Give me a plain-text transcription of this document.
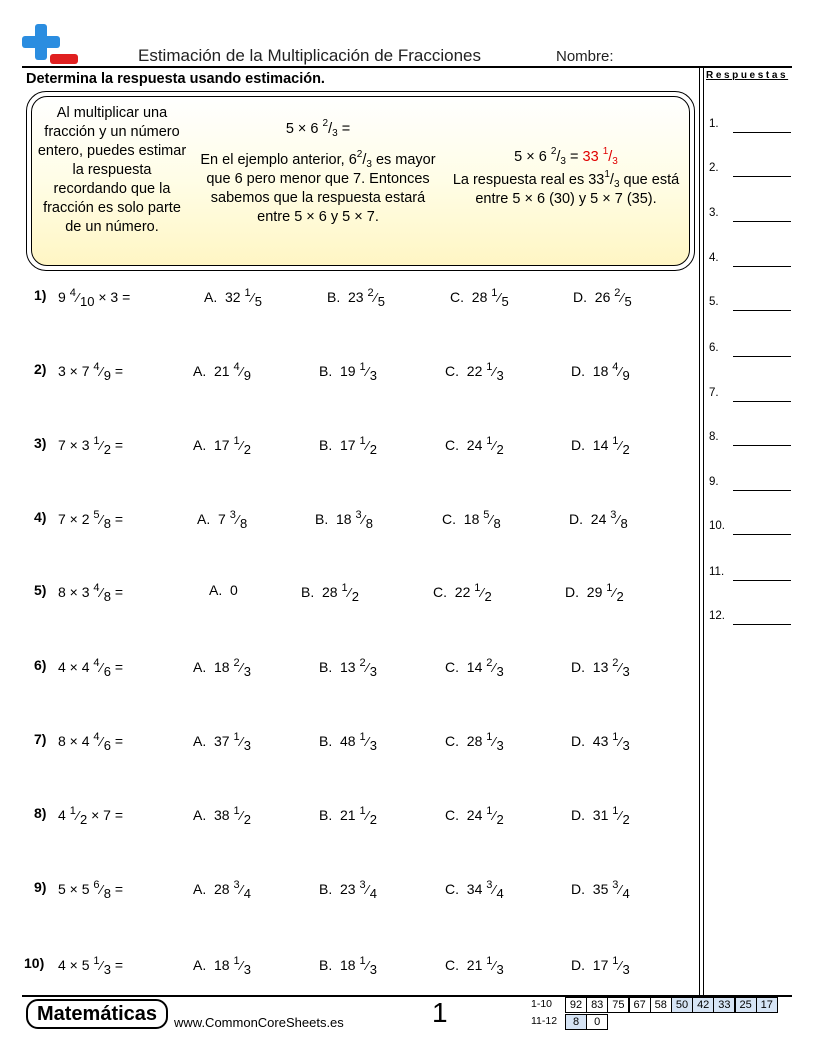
Estimación de la Multiplicación de Fracciones	Nombre:
Determina la respuesta usando estimación.	Respuestas
1.
2.
3.
4.
5.
6.
7.
8.
9.
10.
11.
12.
Al multiplicar una fracción y un número entero, puedes estimar la respuesta recordando que la fracción es solo parte de un número.
5 × 6 $^2/_3$ =
En el ejemplo anterior, $6^2/_3$ es mayor que 6 pero menor que 7. Entonces sabemos que la respuesta estará entre 5 × 6 y 5 × 7.
5 × 6 $^2/_3 = 33$ $^1/_3$
La respuesta real es $33^1/_3$ que está entre 5 × 6 (30) y 5 × 7 (35).
1) 9 $^4$⁄10 × 3 =	A. 32 $^1$⁄5	B. 23 $^2$⁄5	C. 28 $^1$⁄5	D. 26 $^2$⁄5
2) 3 × 7 $^4$⁄9 =	A. 21 $^4$⁄9	B. 19 $^1$⁄3	C. 22 $^1$⁄3	D. 18 $^4$⁄9
3) 7 × 3 $^1$⁄2 =	A. 17 $^1$⁄2	B. 17 $^1$⁄2	C. 24 $^1$⁄2	D. 14 $^1$⁄2
4) 7 × 2 $^5$⁄8 =	A. 7 $^3$⁄8	B. 18 $^3$⁄8	C. 18 $^5$⁄8	D. 24 $^3$⁄8
5) 8 × 3 $^4$⁄8 =	A. 0	B. 28 $^1$⁄2	C. 22 $^1$⁄2	D. 29 $^1$⁄2
6) 4 × 4 $^4$⁄6 =	A. 18 $^2$⁄3	B. 13 $^2$⁄3	C. 14 $^2$⁄3	D. 13 $^2$⁄3
7) 8 × 4 $^4$⁄6 =	A. 37 $^1$⁄3	B. 48 $^1$⁄3	C. 28 $^1$⁄3	D. 43 $^1$⁄3
8) 4 $^1$⁄2 × 7 =	A. 38 $^1$⁄2	B. 21 $^1$⁄2	C. 24 $^1$⁄2	D. 31 $^1$⁄2
9) 5 × 5 $^6$⁄8 =	A. 28 $^3$⁄4	B. 23 $^3$⁄4	C. 34 $^3$⁄4	D. 35 $^3$⁄4
10) 4 × 5 $^1$⁄3 =	A. 18 $^1$⁄3	B. 18 $^1$⁄3	C. 21 $^1$⁄3	D. 17 $^1$⁄3
Matemáticas	www.CommonCoreSheets.es	1	1-10	92 83 75 67 58 50 42 33 25 17
11-12	8	0
